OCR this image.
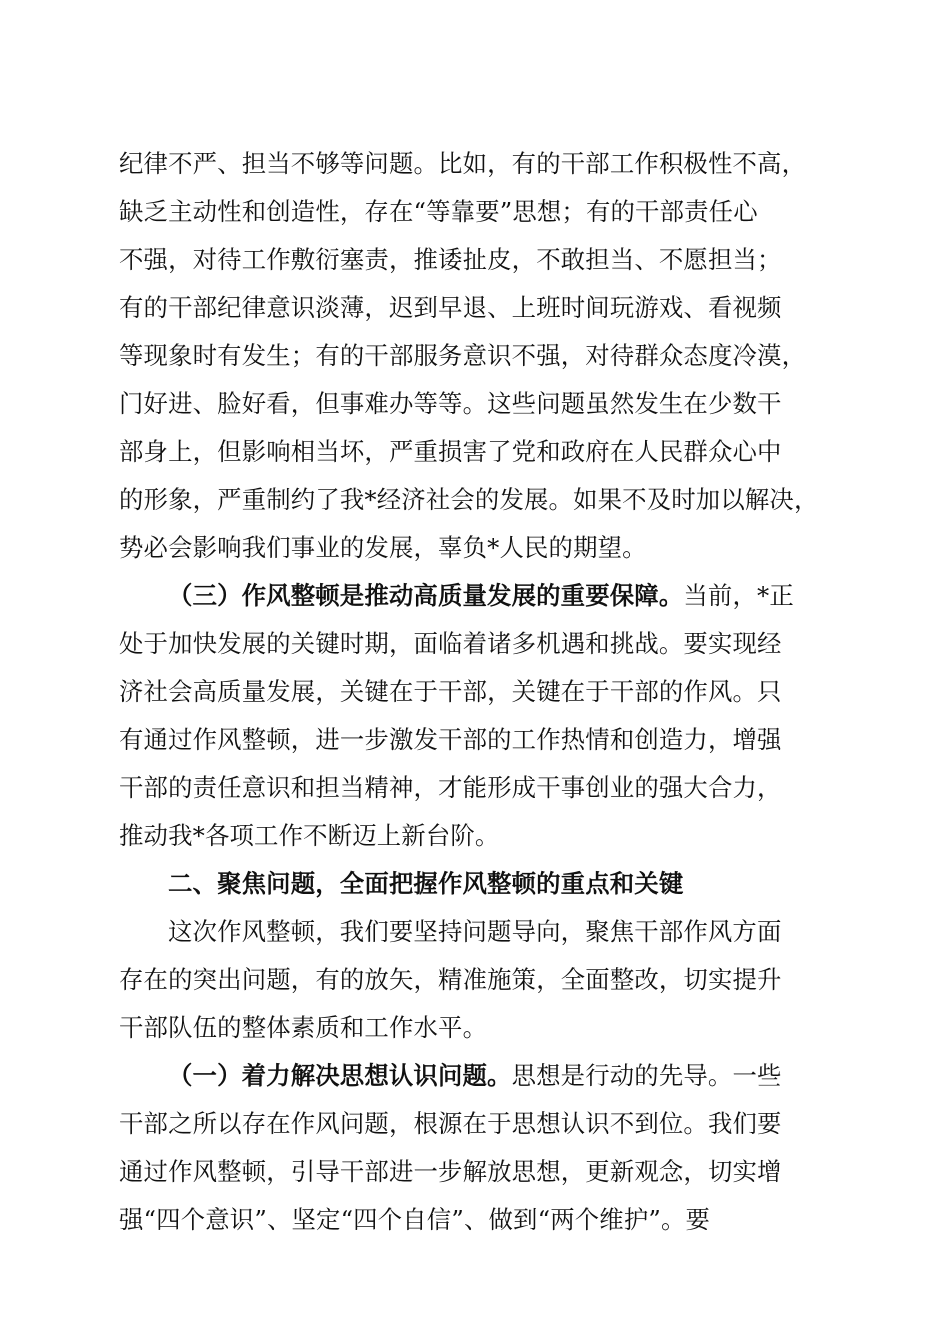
纪律不严、担当不够等问题。比如，有的干部工作积极性不高，
缺乏主动性和创造性，存在“等靠要”思想；有的干部责任心
不强，对待工作敷衍塞责，推诿扯皮，不敢担当、不愿担当；
有的干部纪律意识淡薄，迟到早退、上班时间玩游戏、看视频
等现象时有发生；有的干部服务意识不强，对待群众态度冷漠，
门好进、脸好看，但事难办等等。这些问题虽然发生在少数干
部身上，但影响相当坏，严重损害了党和政府在人民群众心中
的形象，严重制约了我*经济社会的发展。如果不及时加以解决，
势必会影响我们事业的发展，辜负*人民的期望。
（三）作风整顿是推动高质量发展的重要保障。当前，*正
处于加快发展的关键时期，面临着诸多机遇和挑战。要实现经
济社会高质量发展，关键在于干部，关键在于干部的作风。只
有通过作风整顿，进一步激发干部的工作热情和创造力，增强
干部的责任意识和担当精神，才能形成干事创业的强大合力，
推动我*各项工作不断迈上新台阶。
二、聚焦问题，全面把握作风整顿的重点和关键
这次作风整顿，我们要坚持问题导向，聚焦干部作风方面
存在的突出问题，有的放矢，精准施策，全面整改，切实提升
干部队伍的整体素质和工作水平。
（一）着力解决思想认识问题。思想是行动的先导。一些
干部之所以存在作风问题，根源在于思想认识不到位。我们要
通过作风整顿，引导干部进一步解放思想，更新观念，切实增
强“四个意识”、坚定“四个自信”、做到“两个维护”。要
